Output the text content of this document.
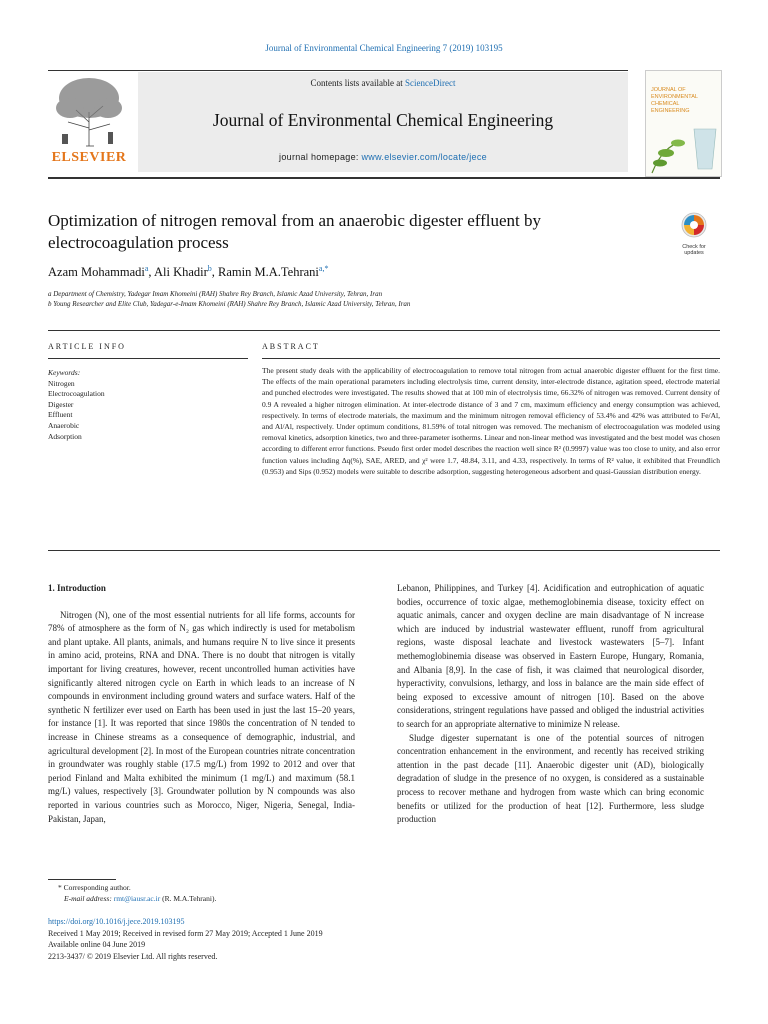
Journal of Environmental Chemical Engineering 7 (2019) 103195
ELSEVIER
Contents lists available at ScienceDirect
Journal of Environmental Chemical Engineering
journal homepage: www.elsevier.com/locate/jece
JOURNAL OF
ENVIRONMENTAL
CHEMICAL
ENGINEERING
Optimization of nitrogen removal from an anaerobic digester effluent by electrocoagulation process	Check for updates
Azam Mohammadi$^a$, Ali Khadir$^b$, Ramin M.A.Tehrani$^{a,*}$
a Department of Chemistry, Yadegar Imam Khomeini (RAH) Shahre Rey Branch, Islamic Azad University, Tehran, Iran
b Young Researcher and Elite Club, Yadegar-e-Imam Khomeini (RAH) Shahre Rey Branch, Islamic Azad University, Tehran, Iran
ARTICLE INFO	ABSTRACT
Keywords:
Nitrogen
Electrocoagulation
Digester
Effluent
Anaerobic
Adsorption
The present study deals with the applicability of electrocoagulation to remove total nitrogen from actual anaerobic digester effluent for the first time. The effects of the main operational parameters including electrolysis time, current density, inter-electrode distance, agitation speed, electrode material and punched electrodes were investigated. The results showed that at 100 min of electrolysis time, 66.32% of nitrogen was removed. Current density of 0.9 A revealed a higher nitrogen elimination. At inter-electrode distance of 3 and 7 cm, maximum efficiency and energy consumption was achieved, respectively. In terms of electrode materials, the maximum and the minimum nitrogen removal efficiency of 53.4% and 42% was attributed to Fe/Al, and Al/Al, respectively. Under optimum conditions, 81.59% of total nitrogen was removed. The mechanism of electrocoagulation was modeled using removal kinetics, adsorption kinetics, two and three-parameter isotherms. Linear and non-linear method was investigated and the best model was chosen according to different error functions. Pseudo first order model describes the reaction well since R² (0.9997) value was too close to unity, and also error function values including Δq(%), SAE, ARED, and χ² were 1.7, 48.84, 3.11, and 4.33, respectively. In terms of R² value, it exhibited that Freundlich (0.953) and Sips (0.952) models were suitable to describe adsorption, suggesting heterogeneous adsorbent and quasi-Gaussian distribution energy.
1. Introduction

Nitrogen (N), one of the most essential nutrients for all life forms, accounts for 78% of atmosphere as the form of N₂ gas which indirectly is used for metabolism and plant uptake. All plants, animals, and humans require N to live since it presents in amino acid, proteins, RNA and DNA. There is no doubt that nitrogen is vitally important for living creatures, however, recent uncontrolled human activities have significantly altered nitrogen cycle on Earth in which leads to an increase of N compounds in environment including ground waters and surface waters. Half of the synthetic N fertilizer ever used on Earth has been used in just the last 15–20 years, for instance [1]. It was reported that since 1980s the concentration of N tended to increase in Chinese streams as a consequence of demographic, industrial, and agricultural development [2]. In most of the European countries nitrate concentration in groundwater was roughly stable (17.5 mg/L) from 1992 to 2012 and over that period Finland and Malta exhibited the minimum (1 mg/L) and maximum (58.1 mg/L) values, respectively [3]. Groundwater pollution by N compounds was also reported in various countries such as Morocco, Niger, Nigeria, Senegal, India-Pakistan, Japan,

Lebanon, Philippines, and Turkey [4]. Acidification and eutrophication of aquatic bodies, occurrence of toxic algae, methemoglobinemia disease, toxicity effect on aquatic animals, cancer and oxygen decline are main disadvantage of N increase which are induced by industrial wastewater effluent, runoff from agricultural regions, waste disposal leachate and livestock wastewaters [5–7]. Infant methemoglobinemia disease was observed in Eastern Europe, Hungary, Romania, and Albania [8,9]. In the case of fish, it was claimed that neurological disorder, hyperactivity, convulsions, lethargy, and loss in balance are the main side effect of being exposed to excessive amount of nitrogen [10]. Based on the above considerations, stringent regulations have passed and obliged the industrial activities to search for an appropriate alternative to minimize N release.

Sludge digester supernatant is one of the potential sources of nitrogen concentration enhancement in the environment, and recently has received striking attention in the past decade [11]. Anaerobic digester unit (AD), biologically degradation of sludge in the presence of no oxygen, is considered as a sustainable process to recover methane and hydrogen from waste which can bring economic benefits or utilized for the production of heat [12]. Furthermore, less sludge production

* Corresponding author.
E-mail address: rmt@iausr.ac.ir (R. M.A.Tehrani).
https://doi.org/10.1016/j.jece.2019.103195
Received 1 May 2019; Received in revised form 27 May 2019; Accepted 1 June 2019
Available online 04 June 2019
2213-3437/ © 2019 Elsevier Ltd. All rights reserved.
